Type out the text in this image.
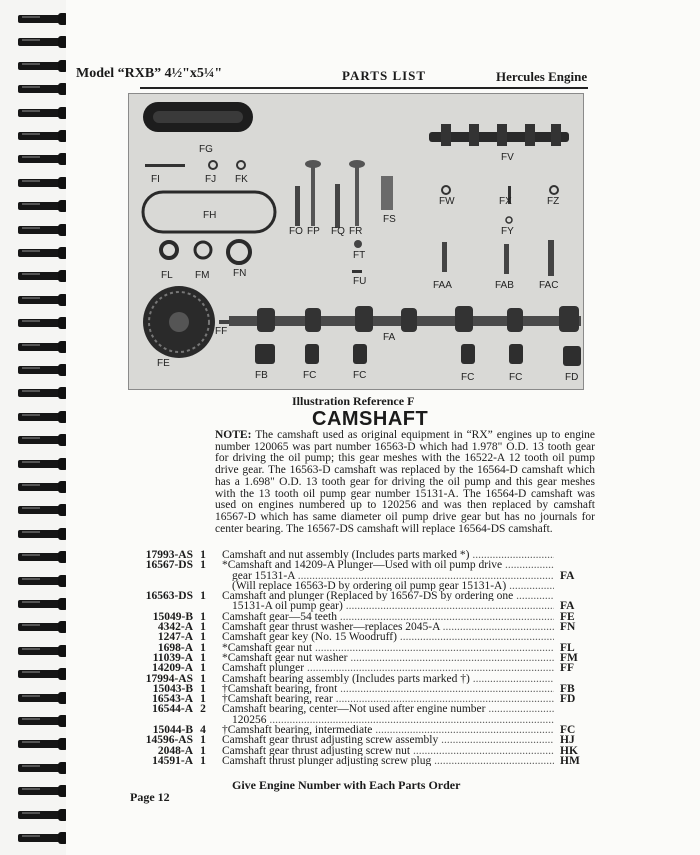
Model “RXB” 4½"x5¼"	PARTS LIST	Hercules Engine
FG
FV
FI	FJ FK
FW	FX	FZ
FY
FH
FO FP FQ FR
FS
FT
FU
FL FM FN
FAA	FAB	FAC
FF
FA
FE
FB	FC	FC	FC	FC	FD
Illustration Reference F
CAMSHAFT
NOTE: The camshaft used as original equipment in “RX” engines up to engine number 120065 was part number 16563-D which had 1.978" O.D. 13 tooth gear for driving the oil pump; this gear meshes with the 16522-A 12 tooth oil pump drive gear. The 16563-D camshaft was replaced by the 16564-D camshaft which has a 1.698" O.D. 13 tooth gear for driving the oil pump and this gear meshes with the 13 tooth oil pump gear number 15131-A. The 16564-D camshaft was used on engines numbered up to 120256 and was then replaced by camshaft 16567-D which has same diameter oil pump drive gear but has no journals for center bearing. The 16567-DS camshaft will replace 16564-DS camshaft.
17993-AS 1 Camshaft and nut assembly (Includes parts marked *) .....
16567-DS 1 *Camshaft and 14209-A Plunger—Used with oil pump drive .....
gear 15131-A .....	FA
(Will replace 16563-D by ordering oil pump gear 15131-A) .....
16563-DS 1 Camshaft and plunger (Replaced by 16567-DS by ordering one .....
15131-A oil pump gear) .....	FA
15049-B 1 Camshaft gear—54 teeth .....	FE
4342-A 1 Camshaft gear thrust washer—replaces 2045-A .....	FN
1247-A 1 Camshaft gear key (No. 15 Woodruff) .....
1698-A 1 *Camshaft gear nut .....	FL
11039-A 1 *Camshaft gear nut washer .....	FM
14209-A 1 Camshaft plunger .....	FF
17994-AS 1 Camshaft bearing assembly (Includes parts marked †) .....
15043-B 1 †Camshaft bearing, front .....	FB
16543-A 1 †Camshaft bearing, rear .....	FD
16544-A 2 Camshaft bearing, center—Not used after engine number .....
120256 .....
15044-B 4 †Camshaft bearing, intermediate .....	FC
14596-AS 1 Camshaft gear thrust adjusting screw assembly .....	HJ
2048-A 1 Camshaft gear thrust adjusting screw nut .....	HK
14591-A 1 Camshaft thrust plunger adjusting screw plug .....	HM
Give Engine Number with Each Parts Order
Page 12
